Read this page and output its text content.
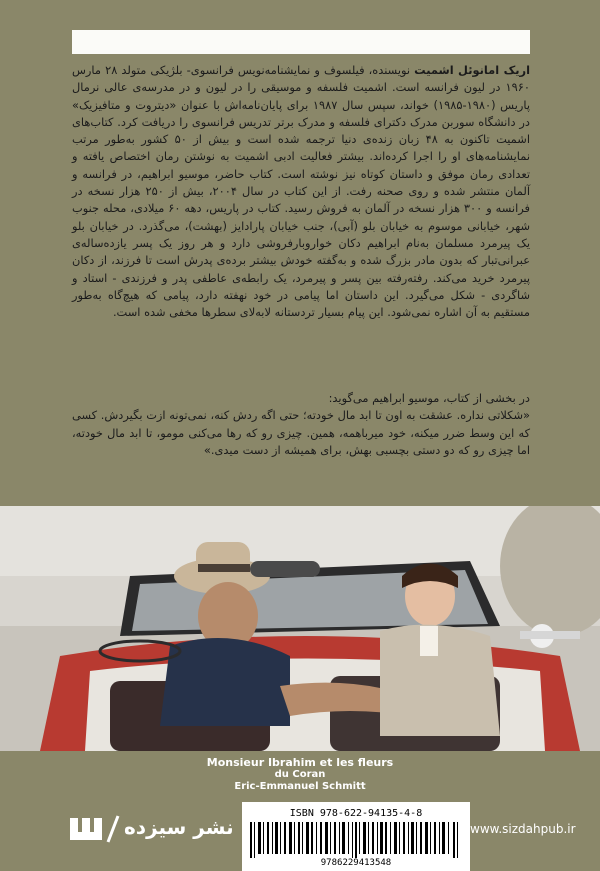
اریک امانوئل اشمیت نویسنده، فیلسوف و نمایشنامه‌نویس فرانسوی- بلژیکی متولد ۲۸ مارس ۱۹۶۰ در لیون فرانسه است. اشمیت فلسفه و موسیقی را در لیون و در مدرسه‌ی عالی نرمال پاریس (۱۹۸۰-۱۹۸۵) خواند، سپس سال ۱۹۸۷ برای پایان‌نامه‌اش با عنوان «دیتروت و متافیزیک» در دانشگاه سوربن مدرک دکترای فلسفه و مدرک برتر تدریس فرانسوی را دریافت کرد. کتاب‌های اشمیت تاکنون به ۴۸ زبان زنده‌ی دنیا ترجمه شده است و بیش از ۵۰ کشور به‌طور مرتب نمایشنامه‌های او را اجرا کرده‌اند. بیشتر فعالیت ادبی اشمیت به نوشتن رمان اختصاص یافته و تعدادی رمان موفق و داستان کوتاه نیز نوشته است. کتاب حاضر، موسیو ابراهیم، در فرانسه و آلمان منتشر شده و روی صحنه رفت. از این کتاب در سال ۲۰۰۴، بیش از ۲۵۰ هزار نسخه در فرانسه و ۳۰۰ هزار نسخه در آلمان به فروش رسید. کتاب در پاریس، دهه ۶۰ میلادی، محله جنوب شهر، خیابانی موسوم به خیابان بلو (آبی)، جنب خیابان پارادایز (بهشت)، می‌گذرد. در خیابان بلو یک پیرمرد مسلمان به‌نام ابراهیم دکان خواروبارفروشی دارد و هر روز یک پسر یازده‌ساله‌ی عبرانی‌تبار که بدون مادر بزرگ شده و به‌گفته خودش بیشتر برده‌ی پدرش است تا فرزند، از دکان پیرمرد خرید می‌کند. رفته‌رفته بین پسر و پیرمرد، یک رابطه‌ی عاطفی پدر و فرزندی - استاد و شاگردی - شکل می‌گیرد. این داستان اما پیامی در خود نهفته دارد، پیامی که هیچ‌گاه به‌طور مستقیم به آن اشاره نمی‌شود. این پیام بسیار تردستانه لابه‌لای سطرها مخفی شده است.

در بخشی از کتاب، موسیو ابراهیم می‌گوید:

«شکلاتی نداره. عشقت به اون تا ابد مال خودته؛ حتی اگه ردش کنه، نمی‌تونه ازت بگیردش. کسی که این وسط ضرر میکنه، خود میرباهمه، همین. چیزی رو که رها می‌کنی مومو، تا ابد مال خودته، اما چیزی رو که دو دستی بچسبی بهش، برای همیشه از دست میدی.»

Monsieur Ibrahim et les fleurs
du Coran
Eric-Emmanuel Schmitt
نشر سیزده
ISBN 978-622-94135-4-8
9786229413548
www.sizdahpub.ir
